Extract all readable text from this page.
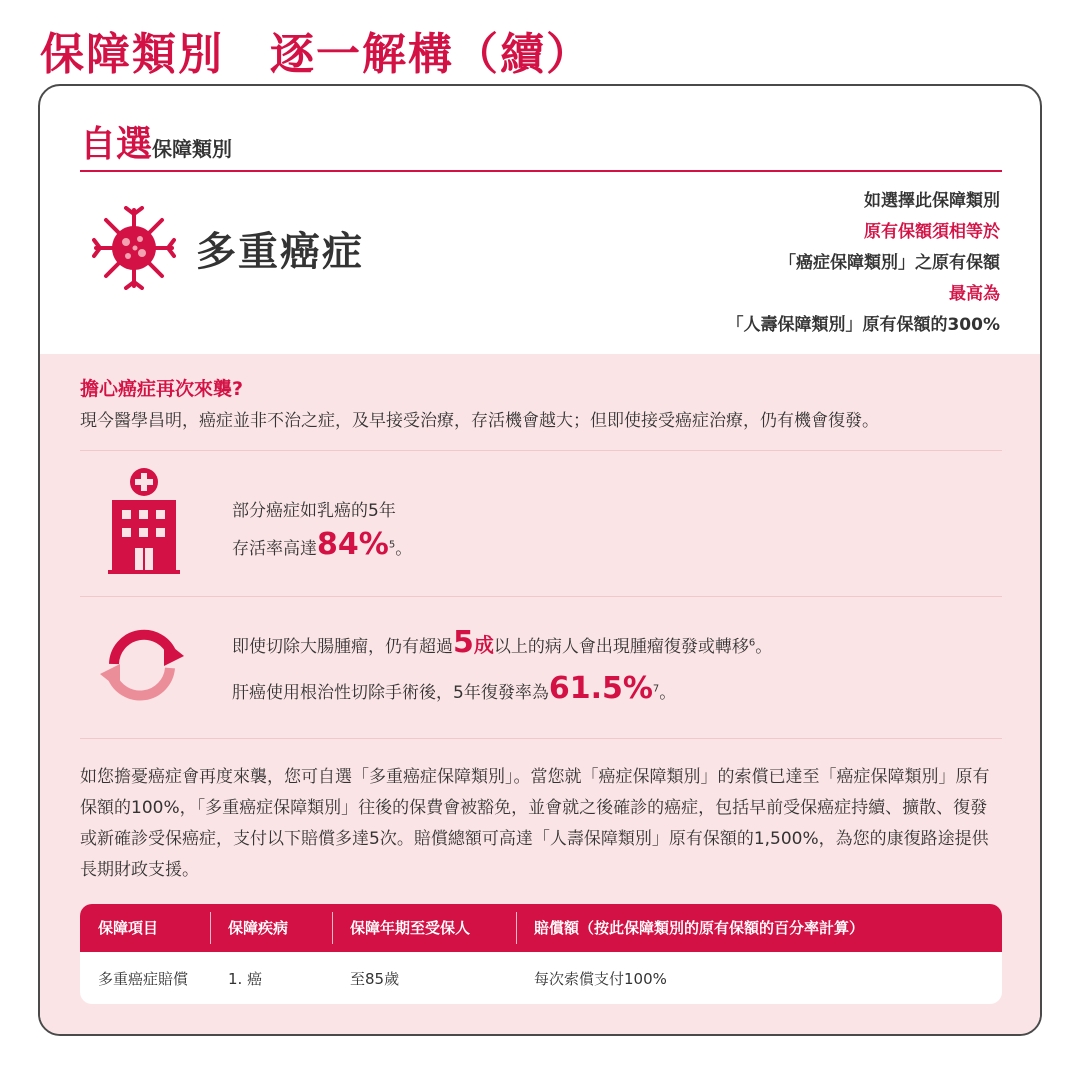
保障類別　逐一解構（續）
自選保障類別
多重癌症
如選擇此保障類別
原有保額須相等於
「癌症保障類別」之原有保額
最高為
「人壽保障類別」原有保額的300%
擔心癌症再次來襲?
現今醫學昌明，癌症並非不治之症，及早接受治療，存活機會越大；但即使接受癌症治療，仍有機會復發。
部分癌症如乳癌的5年
存活率高達84%$^5$。
即使切除大腸腫瘤，仍有超過5成以上的病人會出現腫瘤復發或轉移$^6$。
肝癌使用根治性切除手術後，5年復發率為61.5%$^7$。
如您擔憂癌症會再度來襲，您可自選「多重癌症保障類別」。當您就「癌症保障類別」的索償已達至「癌症保障類別」原有保額的100%，「多重癌症保障類別」往後的保費會被豁免，並會就之後確診的癌症，包括早前受保癌症持續、擴散、復發或新確診受保癌症，支付以下賠償多達5次。賠償總額可高達「人壽保障類別」原有保額的1,500%，為您的康復路途提供長期財政支援。
保障項目	保障疾病	保障年期至受保人	賠償額（按此保障類別的原有保額的百分率計算）
多重癌症賠償	1. 癌	至85歲	每次索償支付100%
